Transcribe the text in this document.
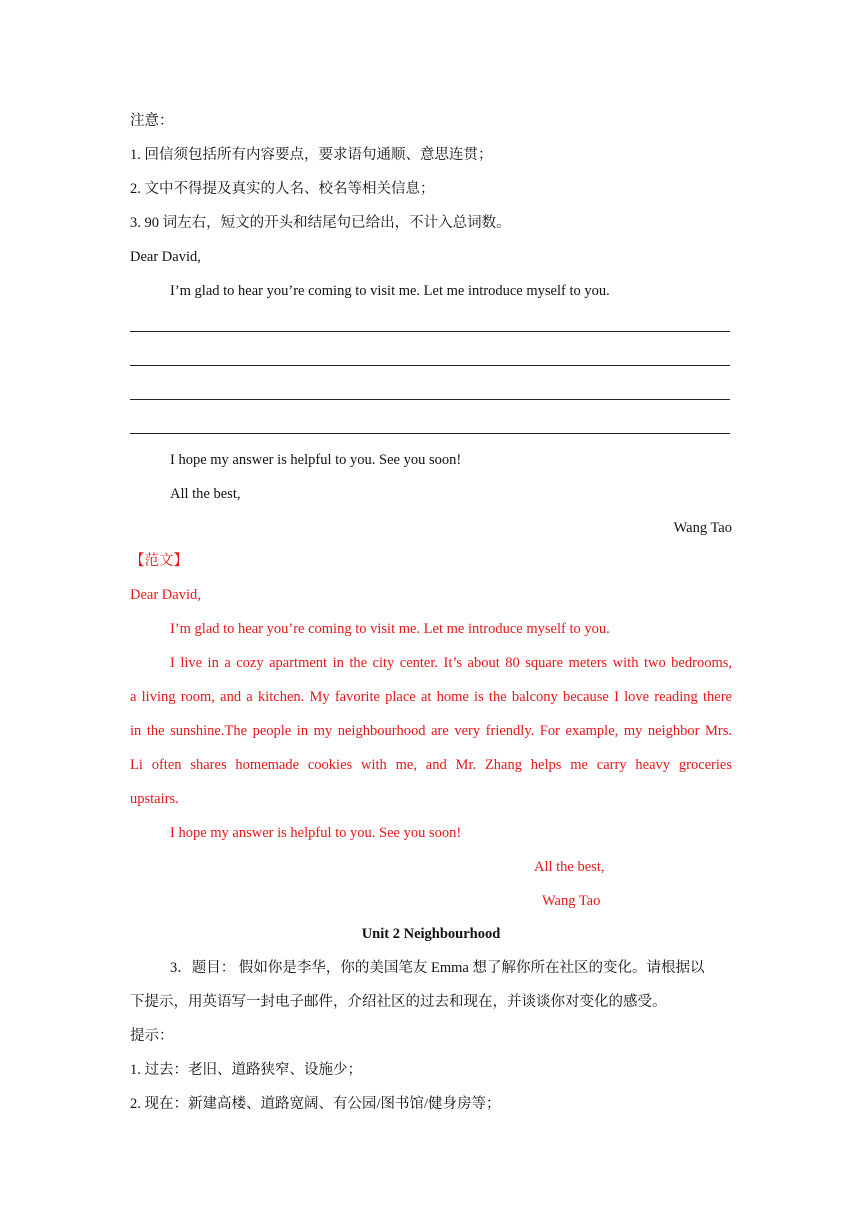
注意：
1. 回信须包括所有内容要点，要求语句通顺、意思连贯；
2. 文中不得提及真实的人名、校名等相关信息；
3. 90 词左右，短文的开头和结尾句已给出，不计入总词数。
Dear David,
I’m glad to hear you’re coming to visit me. Let me introduce myself to you.
I hope my answer is helpful to you. See you soon!
All the best,
Wang Tao
【范文】
Dear David,
I’m glad to hear you’re coming to visit me. Let me introduce myself to you.
I live in a cozy apartment in the city center. It’s about 80 square meters with two bedrooms,
a living room, and a kitchen. My favorite place at home is the balcony because I love reading there
in the sunshine.The people in my neighbourhood are very friendly. For example, my neighbor Mrs.
Li often shares homemade cookies with me, and Mr. Zhang helps me carry heavy groceries
upstairs.
I hope my answer is helpful to you. See you soon!
All the best,
Wang Tao
Unit 2 Neighbourhood
3．题目： 假如你是李华，你的美国笔友 Emma 想了解你所在社区的变化。请根据以
下提示，用英语写一封电子邮件，介绍社区的过去和现在，并谈谈你对变化的感受。
提示：
1. 过去：老旧、道路狭窄、设施少；
2. 现在：新建高楼、道路宽阔、有公园/图书馆/健身房等；
